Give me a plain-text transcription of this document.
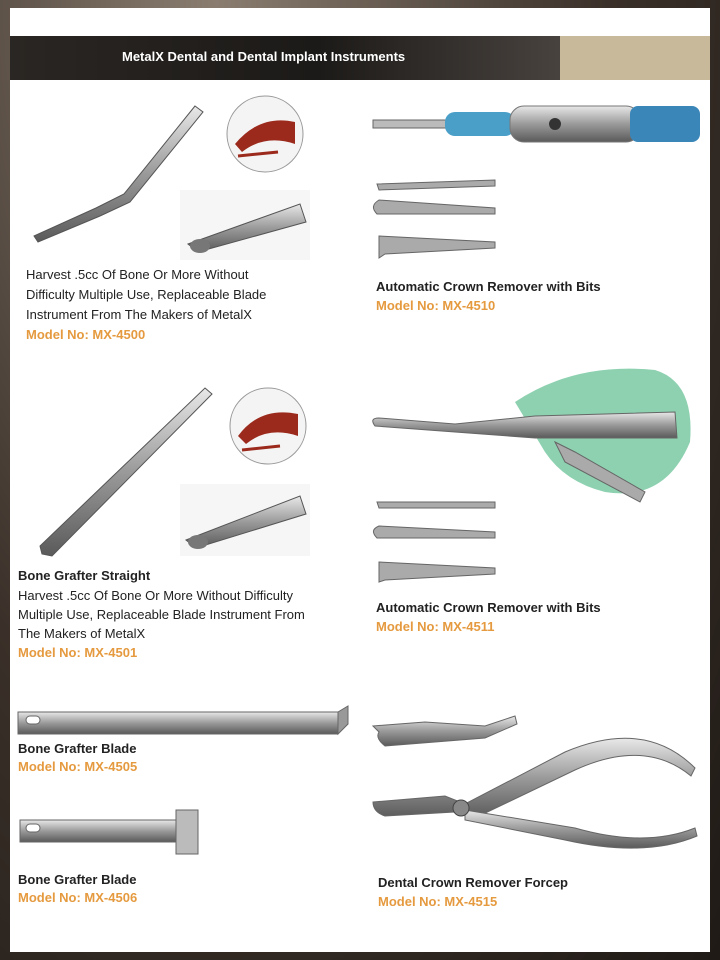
MetalX Dental and Dental Implant Instruments
Harvest .5cc Of Bone Or More Without
Difficulty Multiple Use, Replaceable Blade
Instrument From The Makers of MetalX
Model No: MX-4500
Automatic Crown Remover with Bits
Model No: MX-4510
Bone Grafter Straight
Harvest .5cc Of Bone Or More Without Difficulty
Multiple Use, Replaceable Blade Instrument From
The Makers of MetalX
Model No: MX-4501
Automatic Crown Remover with Bits
Model No: MX-4511
Bone Grafter Blade
Model No: MX-4505
Bone Grafter Blade
Model No: MX-4506
Dental Crown Remover Forcep
Model No: MX-4515
